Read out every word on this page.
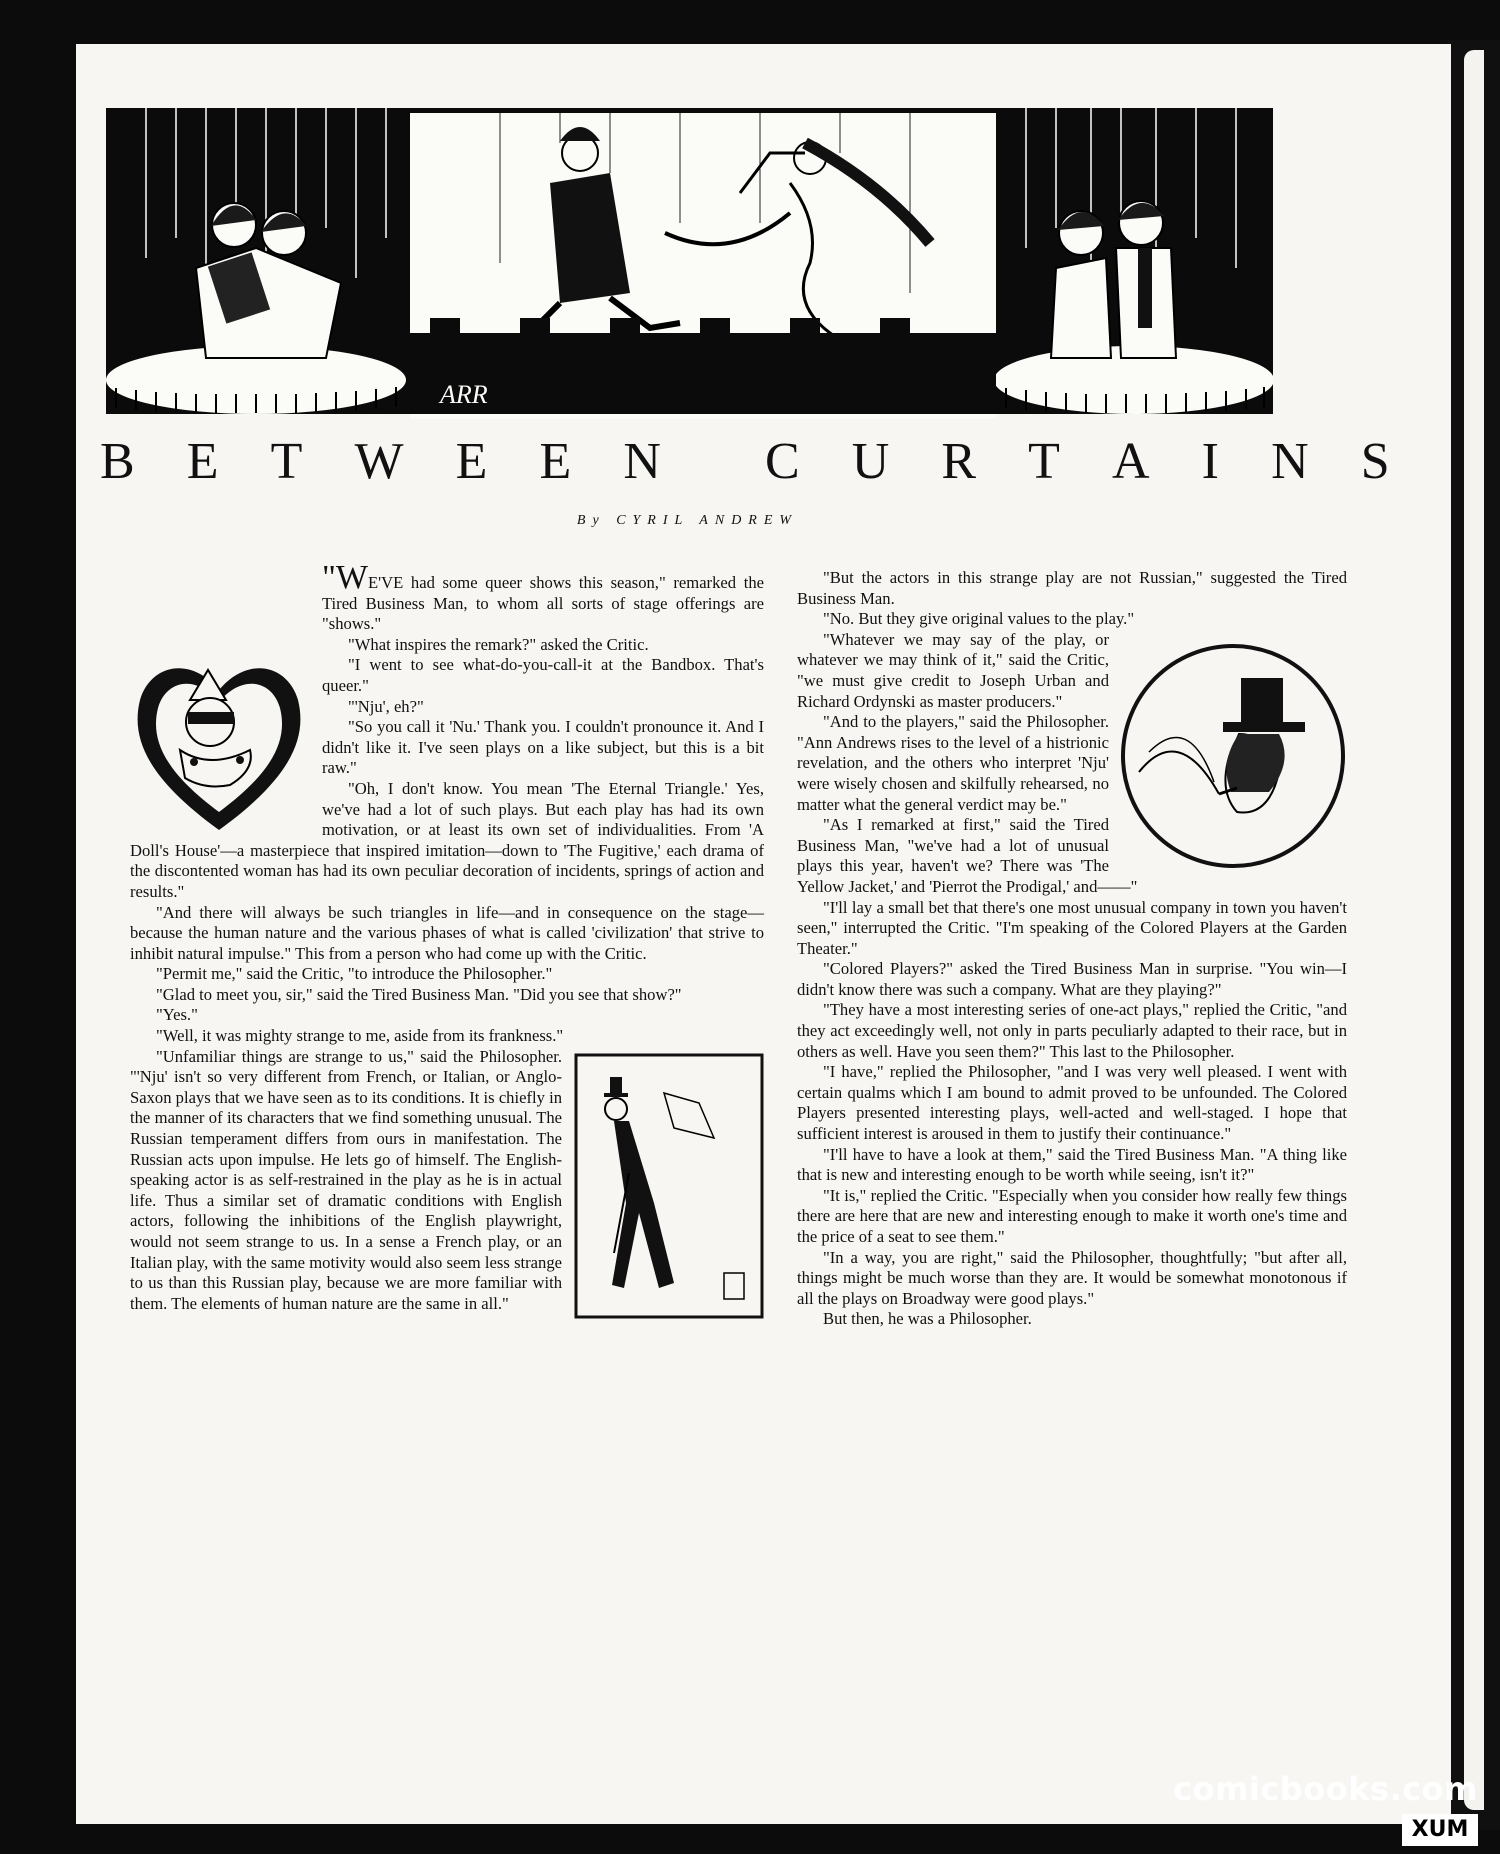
ARR
B E T W E E N C U R T A I N S
By CYRIL ANDREW

"WE'VE had some queer shows this season," remarked the Tired Business Man, to whom all sorts of stage offerings are "shows."

"What inspires the remark?" asked the Critic.

"I went to see what-do-you-call-it at the Bandbox. That's queer."

"'Nju', eh?"

"So you call it 'Nu.' Thank you. I couldn't pronounce it. And I didn't like it. I've seen plays on a like subject, but this is a bit raw."

"Oh, I don't know. You mean 'The Eternal Triangle.' Yes, we've had a lot of such plays. But each play has had its own motivation, or at least its own set of individualities. From 'A Doll's House'—a masterpiece that inspired imitation—down to 'The Fugitive,' each drama of the discontented woman has had its own peculiar decoration of incidents, springs of action and results."

"And there will always be such triangles in life—and in consequence on the stage—because the human nature and the various phases of what is called 'civilization' that strive to inhibit natural impulse." This from a person who had come up with the Critic.

"Permit me," said the Critic, "to introduce the Philosopher."

"Glad to meet you, sir," said the Tired Business Man. "Did you see that show?"

"Yes."

"Well, it was mighty strange to me, aside from its frankness."

"Unfamiliar things are strange to us," said the Philosopher. "'Nju' isn't so very different from French, or Italian, or Anglo-Saxon plays that we have seen as to its conditions. It is chiefly in the manner of its characters that we find something unusual. The Russian temperament differs from ours in manifestation. The Russian acts upon impulse. He lets go of himself. The English-speaking actor is as self-restrained in the play as he is in actual life. Thus a similar set of dramatic conditions with English actors, following the inhibitions of the English playwright, would not seem strange to us. In a sense a French play, or an Italian play, with the same motivity would also seem less strange to us than this Russian play, because we are more familiar with them. The elements of human nature are the same in all."

"But the actors in this strange play are not Russian," suggested the Tired Business Man.

"No. But they give original values to the play."

"Whatever we may say of the play, or whatever we may think of it," said the Critic, "we must give credit to Joseph Urban and Richard Ordynski as master producers."

"And to the players," said the Philosopher. "Ann Andrews rises to the level of a histrionic revelation, and the others who interpret 'Nju' were wisely chosen and skilfully rehearsed, no matter what the general verdict may be."

"As I remarked at first," said the Tired Business Man, "we've had a lot of unusual plays this year, haven't we? There was 'The Yellow Jacket,' and 'Pierrot the Prodigal,' and——"

"I'll lay a small bet that there's one most unusual company in town you haven't seen," interrupted the Critic. "I'm speaking of the Colored Players at the Garden Theater."

"Colored Players?" asked the Tired Business Man in surprise. "You win—I didn't know there was such a company. What are they playing?"

"They have a most interesting series of one-act plays," replied the Critic, "and they act exceedingly well, not only in parts peculiarly adapted to their race, but in others as well. Have you seen them?" This last to the Philosopher.

"I have," replied the Philosopher, "and I was very well pleased. I went with certain qualms which I am bound to admit proved to be unfounded. The Colored Players presented interesting plays, well-acted and well-staged. I hope that sufficient interest is aroused in them to justify their continuance."

"I'll have to have a look at them," said the Tired Business Man. "A thing like that is new and interesting enough to be worth while seeing, isn't it?"

"It is," replied the Critic. "Especially when you consider how really few things there are here that are new and interesting enough to make it worth one's time and the price of a seat to see them."

"In a way, you are right," said the Philosopher, thoughtfully; "but after all, things might be much worse than they are. It would be somewhat monotonous if all the plays on Broadway were good plays."

But then, he was a Philosopher.

comicbooks.com
XUM
